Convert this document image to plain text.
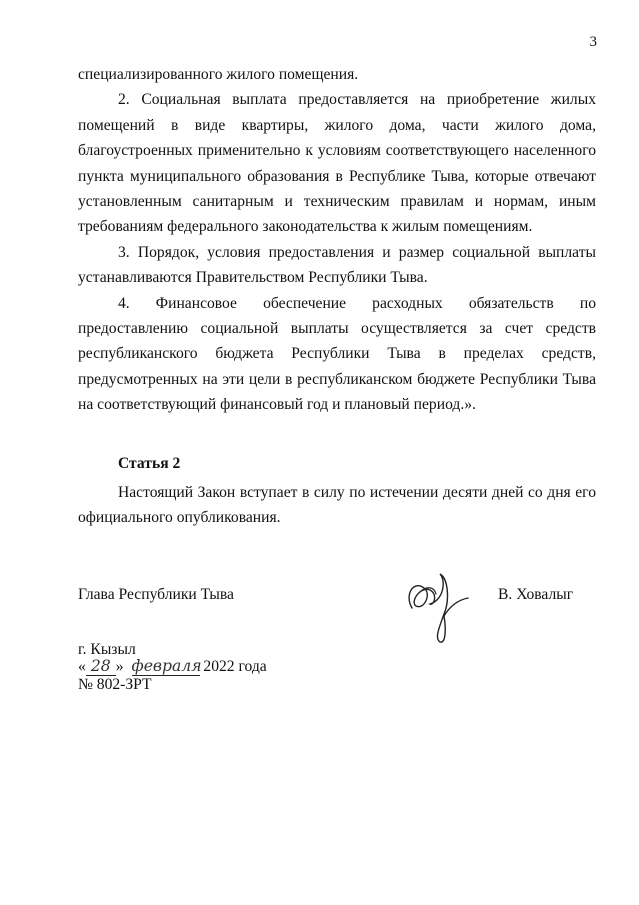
3

специализированного жилого помещения.

2. Социальная выплата предоставляется на приобретение жилых помещений в виде квартиры, жилого дома, части жилого дома, благоустроенных применительно к условиям соответствующего населенного пункта муниципального образования в Республике Тыва, которые отвечают установленным санитарным и техническим правилам и нормам, иным требованиям федерального законодательства к жилым помещениям.

3. Порядок, условия предоставления и размер социальной выплаты устанавливаются Правительством Республики Тыва.

4. Финансовое обеспечение расходных обязательств по предоставлению социальной выплаты осуществляется за счет средств республиканского бюджета Республики Тыва в пределах средств, предусмотренных на эти цели в республиканском бюджете Республики Тыва на соответствующий финансовый год и плановый период.».

Статья 2

Настоящий Закон вступает в силу по истечении десяти дней со дня его официального опубликования.

Глава Республики Тыва	В. Ховалыг
г. Кызыл
« 28 » февраля 2022 года
№ 802-ЗРТ
